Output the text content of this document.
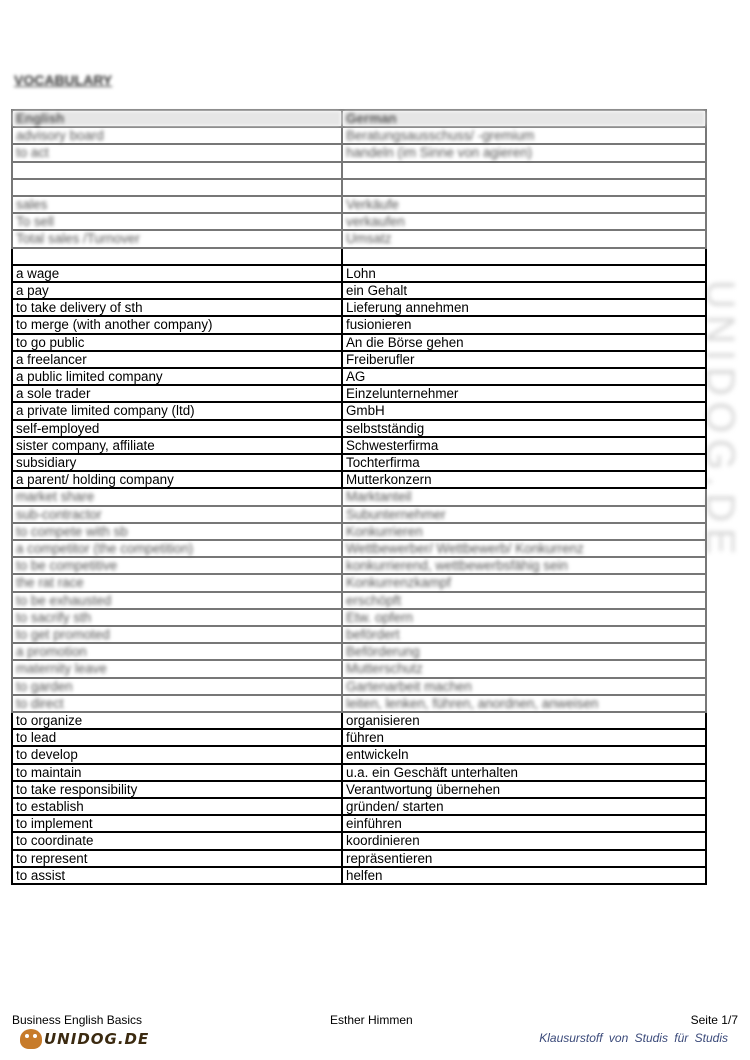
VOCABULARY
UNIDOG.DE
English	German
advisory board	Beratungsausschuss/ -gremium
to act	handeln (im Sinne von agieren)

sales	Verkäufe
To sell	verkaufen
Total sales /Turnover	Umsatz

a wage	Lohn
a pay	ein Gehalt
to take delivery of sth	Lieferung annehmen
to merge (with another company)	fusionieren
to go public	An die Börse gehen
a freelancer	Freiberufler
a public limited company	AG
a sole trader	Einzelunternehmer
a private limited company (ltd)	GmbH
self-employed	selbstständig
sister company, affiliate	Schwesterfirma
subsidiary	Tochterfirma
a parent/ holding company	Mutterkonzern
market share	Marktanteil
sub-contractor	Subunternehmer
to compete with sb	Konkurrieren
a competitor (the competition)	Wettbewerber/ Wettbewerb/ Konkurrenz
to be competitive	konkurrierend, wettbewerbsfähig sein
the rat race	Konkurrenzkampf
to be exhausted	erschöpft
to sacrify sth	Etw. opfern
to get promoted	befördert
a promotion	Beförderung
maternity leave	Mutterschutz
to garden	Gartenarbeit machen
to direct	leiten, lenken, führen, anordnen, anweisen
to organize	organisieren
to lead	führen
to develop	entwickeln
to maintain	u.a. ein Geschäft unterhalten
to take responsibility	Verantwortung übernehen
to establish	gründen/ starten
to implement	einführen
to coordinate	koordinieren
to represent	repräsentieren
to assist	helfen
Business English Basics	Esther Himmen	Seite 1/7
UNIDOG.DE	Klausurstoff von Studis für Studis
